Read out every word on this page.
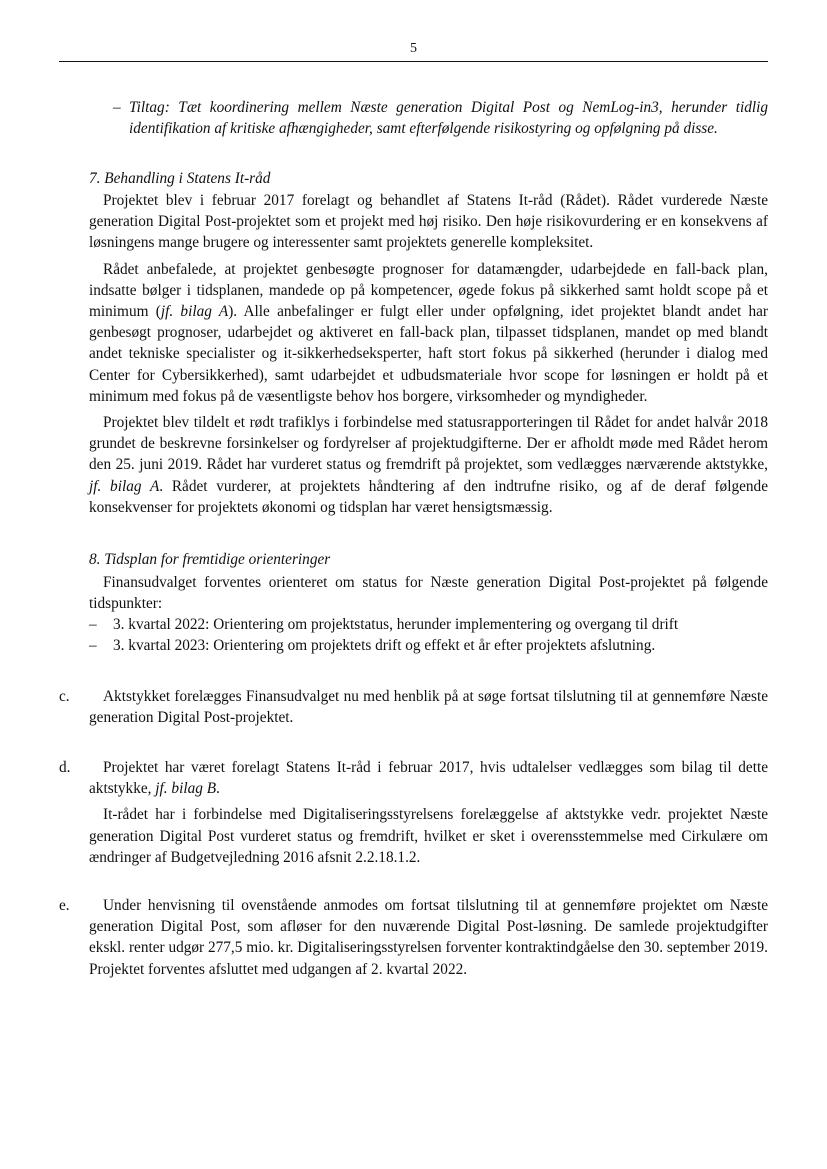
5
– Tiltag: Tæt koordinering mellem Næste generation Digital Post og NemLog-in3, herunder tidlig identifikation af kritiske afhængigheder, samt efterfølgende risikostyring og opfølgning på disse.
7. Behandling i Statens It-råd

Projektet blev i februar 2017 forelagt og behandlet af Statens It-råd (Rådet). Rådet vurderede Næste generation Digital Post-projektet som et projekt med høj risiko. Den høje risikovurdering er en konsekvens af løsningens mange brugere og interessenter samt projektets generelle kompleksitet.

Rådet anbefalede, at projektet genbesøgte prognoser for datamængder, udarbejdede en fall-back plan, indsatte bølger i tidsplanen, mandede op på kompetencer, øgede fokus på sikkerhed samt holdt scope på et minimum (jf. bilag A). Alle anbefalinger er fulgt eller under opfølgning, idet projektet blandt andet har genbesøgt prognoser, udarbejdet og aktiveret en fall-back plan, tilpasset tidsplanen, mandet op med blandt andet tekniske specialister og it-sikkerhedseksperter, haft stort fokus på sikkerhed (herunder i dialog med Center for Cybersikkerhed), samt udarbejdet et udbudsmateriale hvor scope for løsningen er holdt på et minimum med fokus på de væsentligste behov hos borgere, virksomheder og myndigheder.

Projektet blev tildelt et rødt trafiklys i forbindelse med statusrapporteringen til Rådet for andet halvår 2018 grundet de beskrevne forsinkelser og fordyrelser af projektudgifterne. Der er afholdt møde med Rådet herom den 25. juni 2019. Rådet har vurderet status og fremdrift på projektet, som vedlægges nærværende aktstykke, jf. bilag A. Rådet vurderer, at projektets håndtering af den indtrufne risiko, og af de deraf følgende konsekvenser for projektets økonomi og tidsplan har været hensigtsmæssig.

8. Tidsplan for fremtidige orienteringer

Finansudvalget forventes orienteret om status for Næste generation Digital Post-projektet på følgende tidspunkter:

– 3. kvartal 2022: Orientering om projektstatus, herunder implementering og overgang til drift
– 3. kvartal 2023: Orientering om projektets drift og effekt et år efter projektets afslutning.
c.	Aktstykket forelægges Finansudvalget nu med henblik på at søge fortsat tilslutning til at gennemføre Næste generation Digital Post-projektet.

d.	Projektet har været forelagt Statens It-råd i februar 2017, hvis udtalelser vedlægges som bilag til dette aktstykke, jf. bilag B.

It-rådet har i forbindelse med Digitaliseringsstyrelsens forelæggelse af aktstykke vedr. projektet Næste generation Digital Post vurderet status og fremdrift, hvilket er sket i overensstemmelse med Cirkulære om ændringer af Budgetvejledning 2016 afsnit 2.2.18.1.2.

e.	Under henvisning til ovenstående anmodes om fortsat tilslutning til at gennemføre projektet om Næste generation Digital Post, som afløser for den nuværende Digital Post-løsning. De samlede projektudgifter ekskl. renter udgør 277,5 mio. kr. Digitaliseringsstyrelsen forventer kontraktindgåelse den 30. september 2019. Projektet forventes afsluttet med udgangen af 2. kvartal 2022.
